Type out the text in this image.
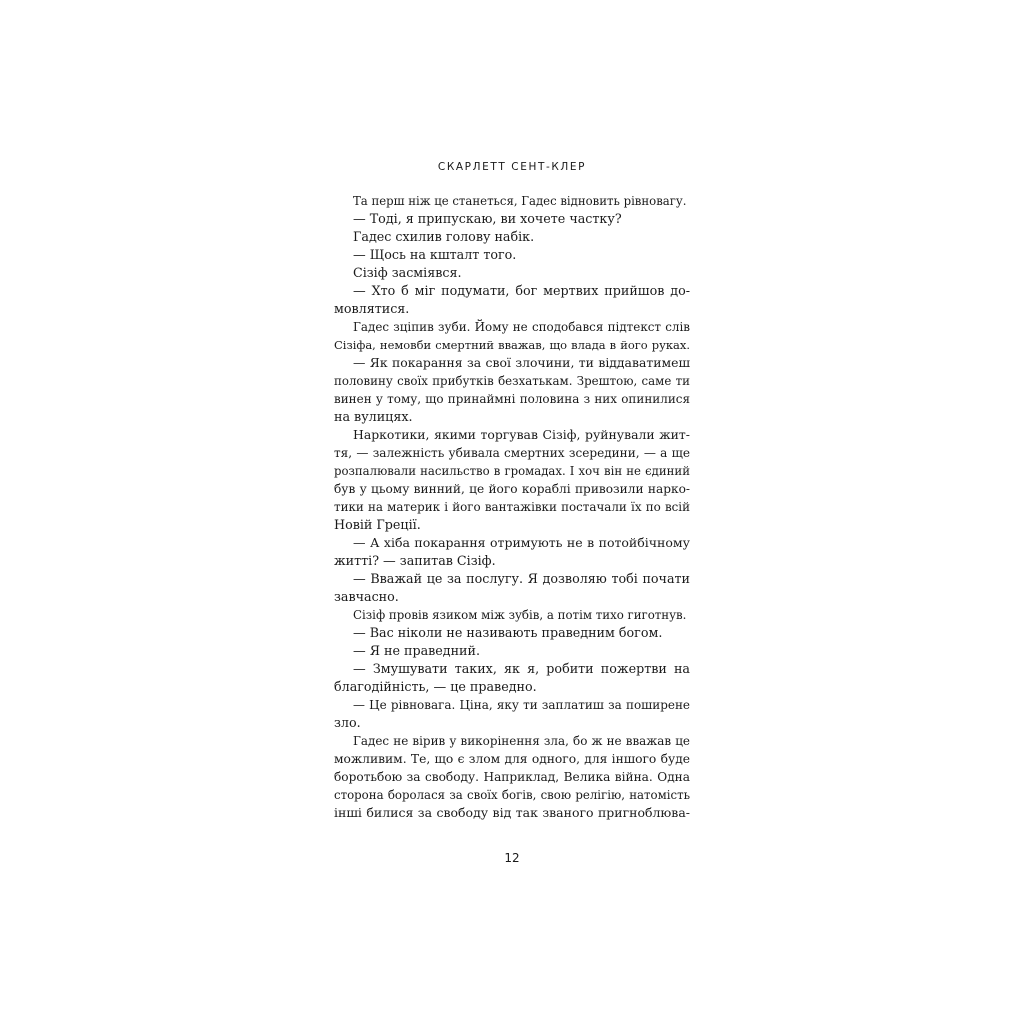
СКАРЛЕТТ СЕНТ-КЛЕР
Та перш ніж це станеться, Гадес відновить рівновагу.
— Тоді, я припускаю, ви хочете частку?
Гадес схилив голову набік.
— Щось на кшталт того.
Сізіф засміявся.
— Хто б міг подумати, бог мертвих прийшов до-
мовлятися.
Гадес зціпив зуби. Йому не сподобався підтекст слів
Сізіфа, немовби смертний вважав, що влада в його руках.
— Як покарання за свої злочини, ти віддаватимеш
половину своїх прибутків безхатькам. Зрештою, саме ти
винен у тому, що принаймні половина з них опинилися
на вулицях.
Наркотики, якими торгував Сізіф, руйнували жит-
тя, — залежність убивала смертних зсередини, — а ще
розпалювали насильство в громадах. І хоч він не єдиний
був у цьому винний, це його кораблі привозили нарко-
тики на материк і його вантажівки постачали їх по всій
Новій Греції.
— А хіба покарання отримують не в потойбічному
житті? — запитав Сізіф.
— Вважай це за послугу. Я дозволяю тобі почати
завчасно.
Сізіф провів язиком між зубів, а потім тихо гиготнув.
— Вас ніколи не називають праведним богом.
— Я не праведний.
— Змушувати таких, як я, робити пожертви на
благодійність, — це праведно.
— Це рівновага. Ціна, яку ти заплатиш за поширене
зло.
Гадес не вірив у викорінення зла, бо ж не вважав це
можливим. Те, що є злом для одного, для іншого буде
боротьбою за свободу. Наприклад, Велика війна. Одна
сторона боролася за своїх богів, свою релігію, натомість
інші билися за свободу від так званого пригноблюва-
12
